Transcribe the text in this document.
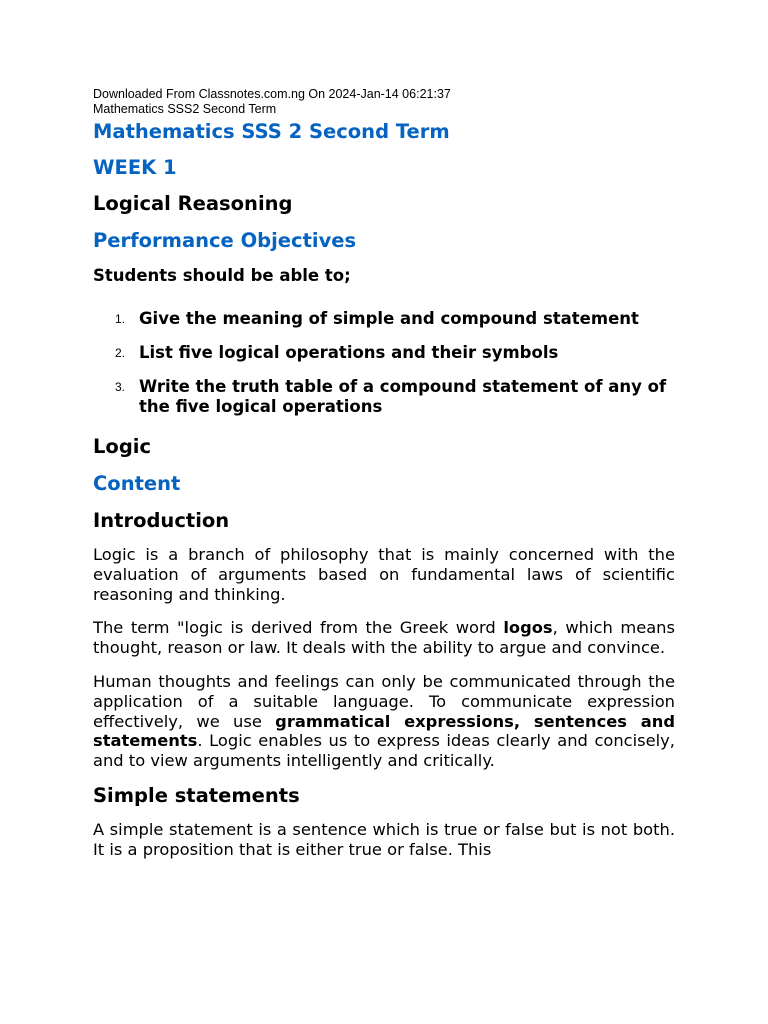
Downloaded From Classnotes.com.ng On 2024-Jan-14 06:21:37
Mathematics SSS2 Second Term
Mathematics SSS 2 Second Term
WEEK 1
Logical Reasoning
Performance Objectives
Students should be able to;
1. Give the meaning of simple and compound statement
2. List five logical operations and their symbols
3. Write the truth table of a compound statement of any of the five logical operations
Logic
Content
Introduction

Logic is a branch of philosophy that is mainly concerned with the evaluation of arguments based on fundamental laws of scientific reasoning and thinking.

The term "logic is derived from the Greek word logos, which means thought, reason or law. It deals with the ability to argue and convince.

Human thoughts and feelings can only be communicated through the application of a suitable language. To communicate expression effectively, we use grammatical expressions, sentences and statements. Logic enables us to express ideas clearly and concisely, and to view arguments intelligently and critically.

Simple statements

A simple statement is a sentence which is true or false but is not both. It is a proposition that is either true or false. This
